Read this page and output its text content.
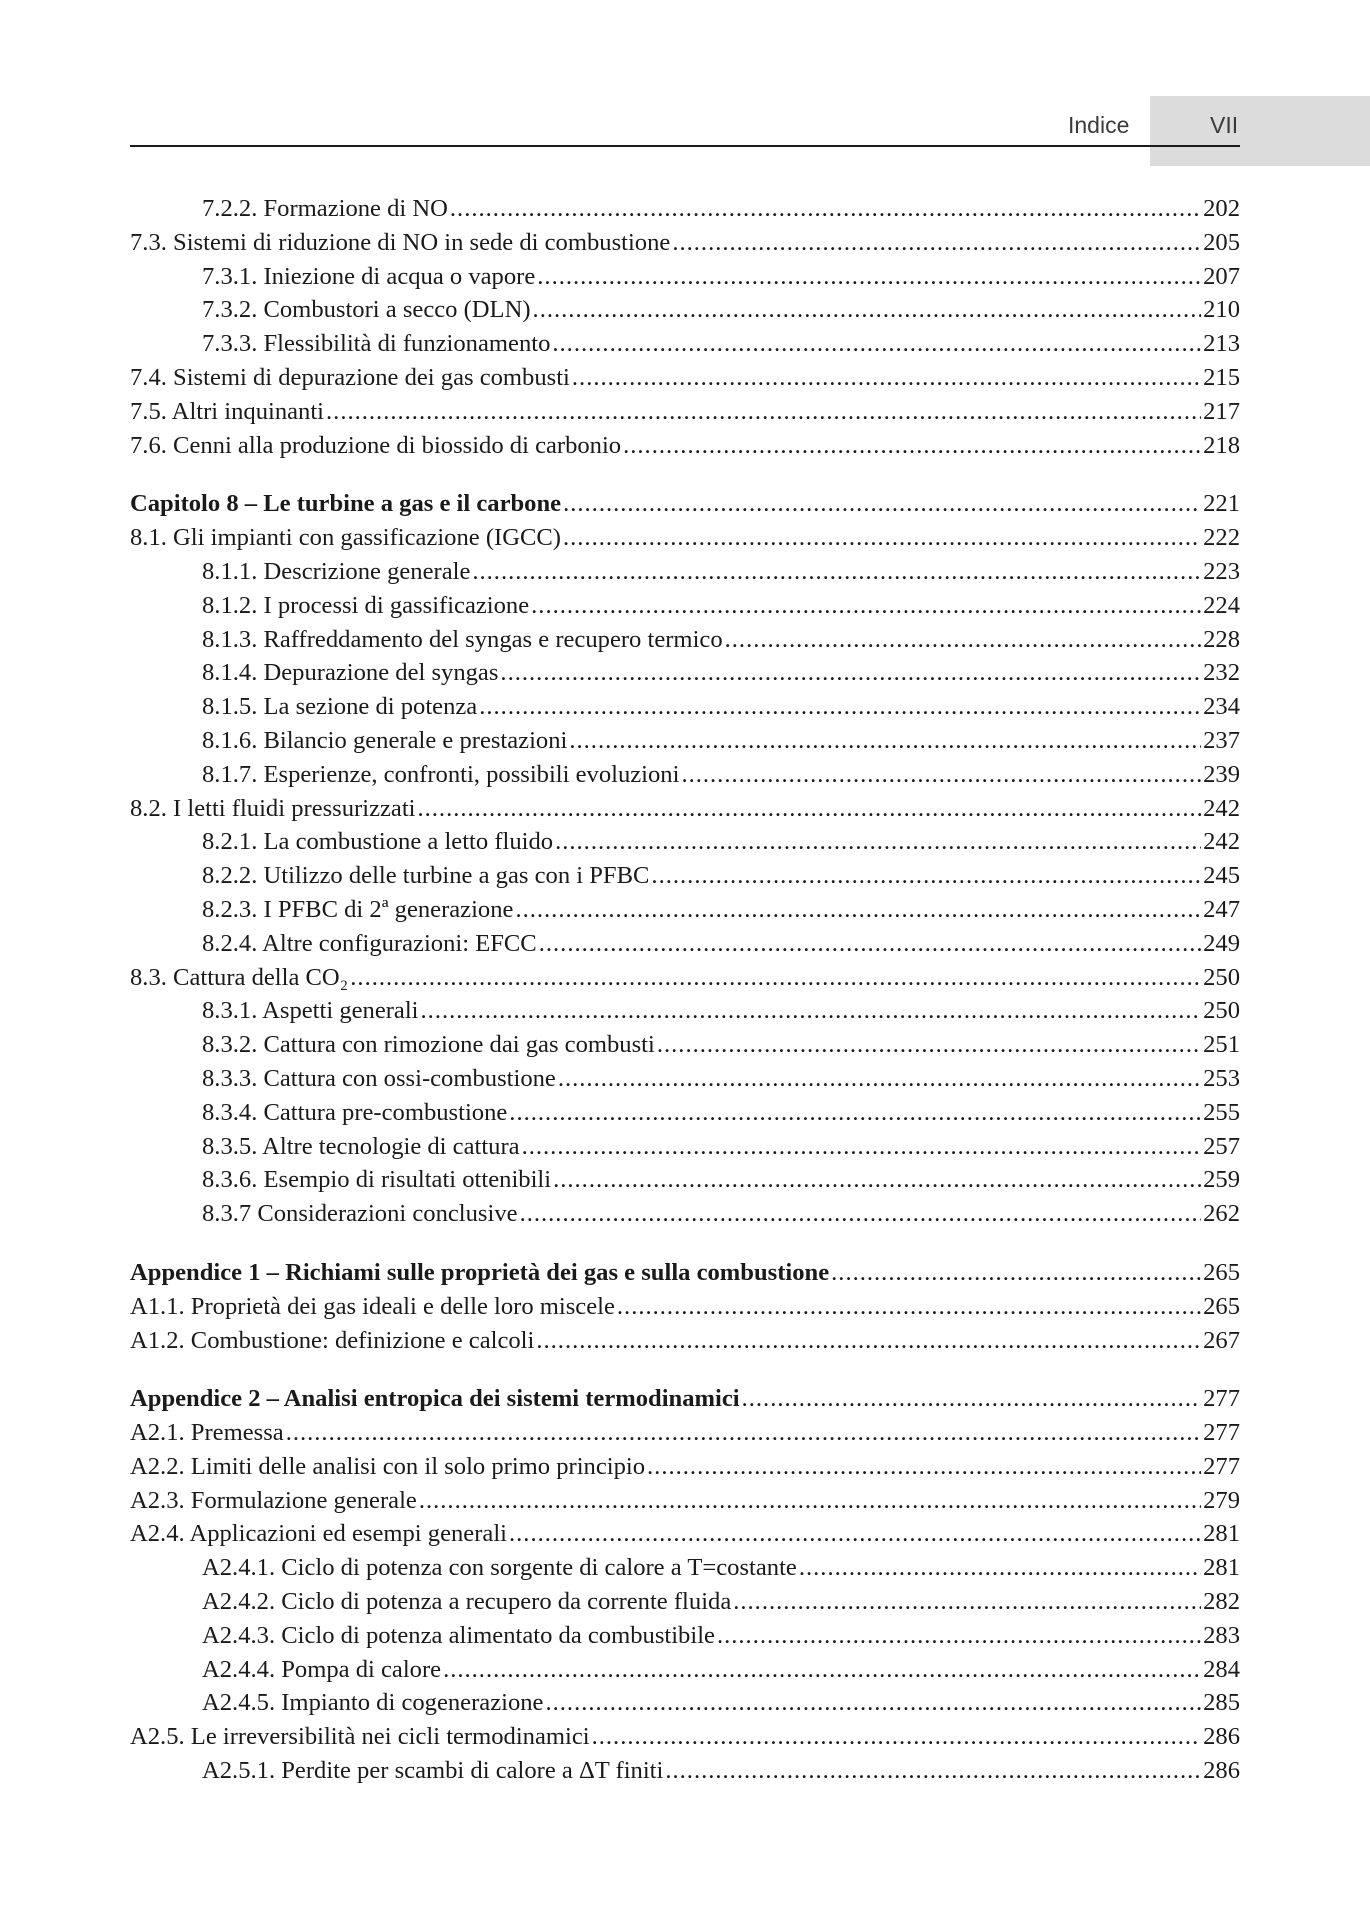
Indice	VII
7.2.2. Formazione di NO .....	202
7.3. Sistemi di riduzione di NO in sede di combustione .....	205
7.3.1. Iniezione di acqua o vapore .....	207
7.3.2. Combustori a secco (DLN) .....	210
7.3.3. Flessibilità di funzionamento .....	213
7.4. Sistemi di depurazione dei gas combusti .....	215
7.5. Altri inquinanti .....	217
7.6. Cenni alla produzione di biossido di carbonio .....	218
Capitolo 8 – Le turbine a gas e il carbone .....	221
8.1. Gli impianti con gassificazione (IGCC) .....	222
8.1.1. Descrizione generale .....	223
8.1.2. I processi di gassificazione .....	224
8.1.3. Raffreddamento del syngas e recupero termico .....	228
8.1.4. Depurazione del syngas .....	232
8.1.5. La sezione di potenza .....	234
8.1.6. Bilancio generale e prestazioni .....	237
8.1.7. Esperienze, confronti, possibili evoluzioni .....	239
8.2. I letti fluidi pressurizzati .....	242
8.2.1. La combustione a letto fluido .....	242
8.2.2. Utilizzo delle turbine a gas con i PFBC .....	245
8.2.3. I PFBC di 2ª generazione .....	247
8.2.4. Altre configurazioni: EFCC .....	249
8.3. Cattura della CO₂ .....	250
8.3.1. Aspetti generali .....	250
8.3.2. Cattura con rimozione dai gas combusti .....	251
8.3.3. Cattura con ossi-combustione .....	253
8.3.4. Cattura pre-combustione .....	255
8.3.5. Altre tecnologie di cattura .....	257
8.3.6. Esempio di risultati ottenibili .....	259
8.3.7 Considerazioni conclusive .....	262
Appendice 1 – Richiami sulle proprietà dei gas e sulla combustione .....	265
A1.1. Proprietà dei gas ideali e delle loro miscele .....	265
A1.2. Combustione: definizione e calcoli .....	267
Appendice 2 – Analisi entropica dei sistemi termodinamici .....	277
A2.1. Premessa .....	277
A2.2. Limiti delle analisi con il solo primo principio .....	277
A2.3. Formulazione generale .....	279
A2.4. Applicazioni ed esempi generali .....	281
A2.4.1. Ciclo di potenza con sorgente di calore a T=costante .....	281
A2.4.2. Ciclo di potenza a recupero da corrente fluida .....	282
A2.4.3. Ciclo di potenza alimentato da combustibile .....	283
A2.4.4. Pompa di calore .....	284
A2.4.5. Impianto di cogenerazione .....	285
A2.5. Le irreversibilità nei cicli termodinamici .....	286
A2.5.1. Perdite per scambi di calore a ΔT finiti .....	286
